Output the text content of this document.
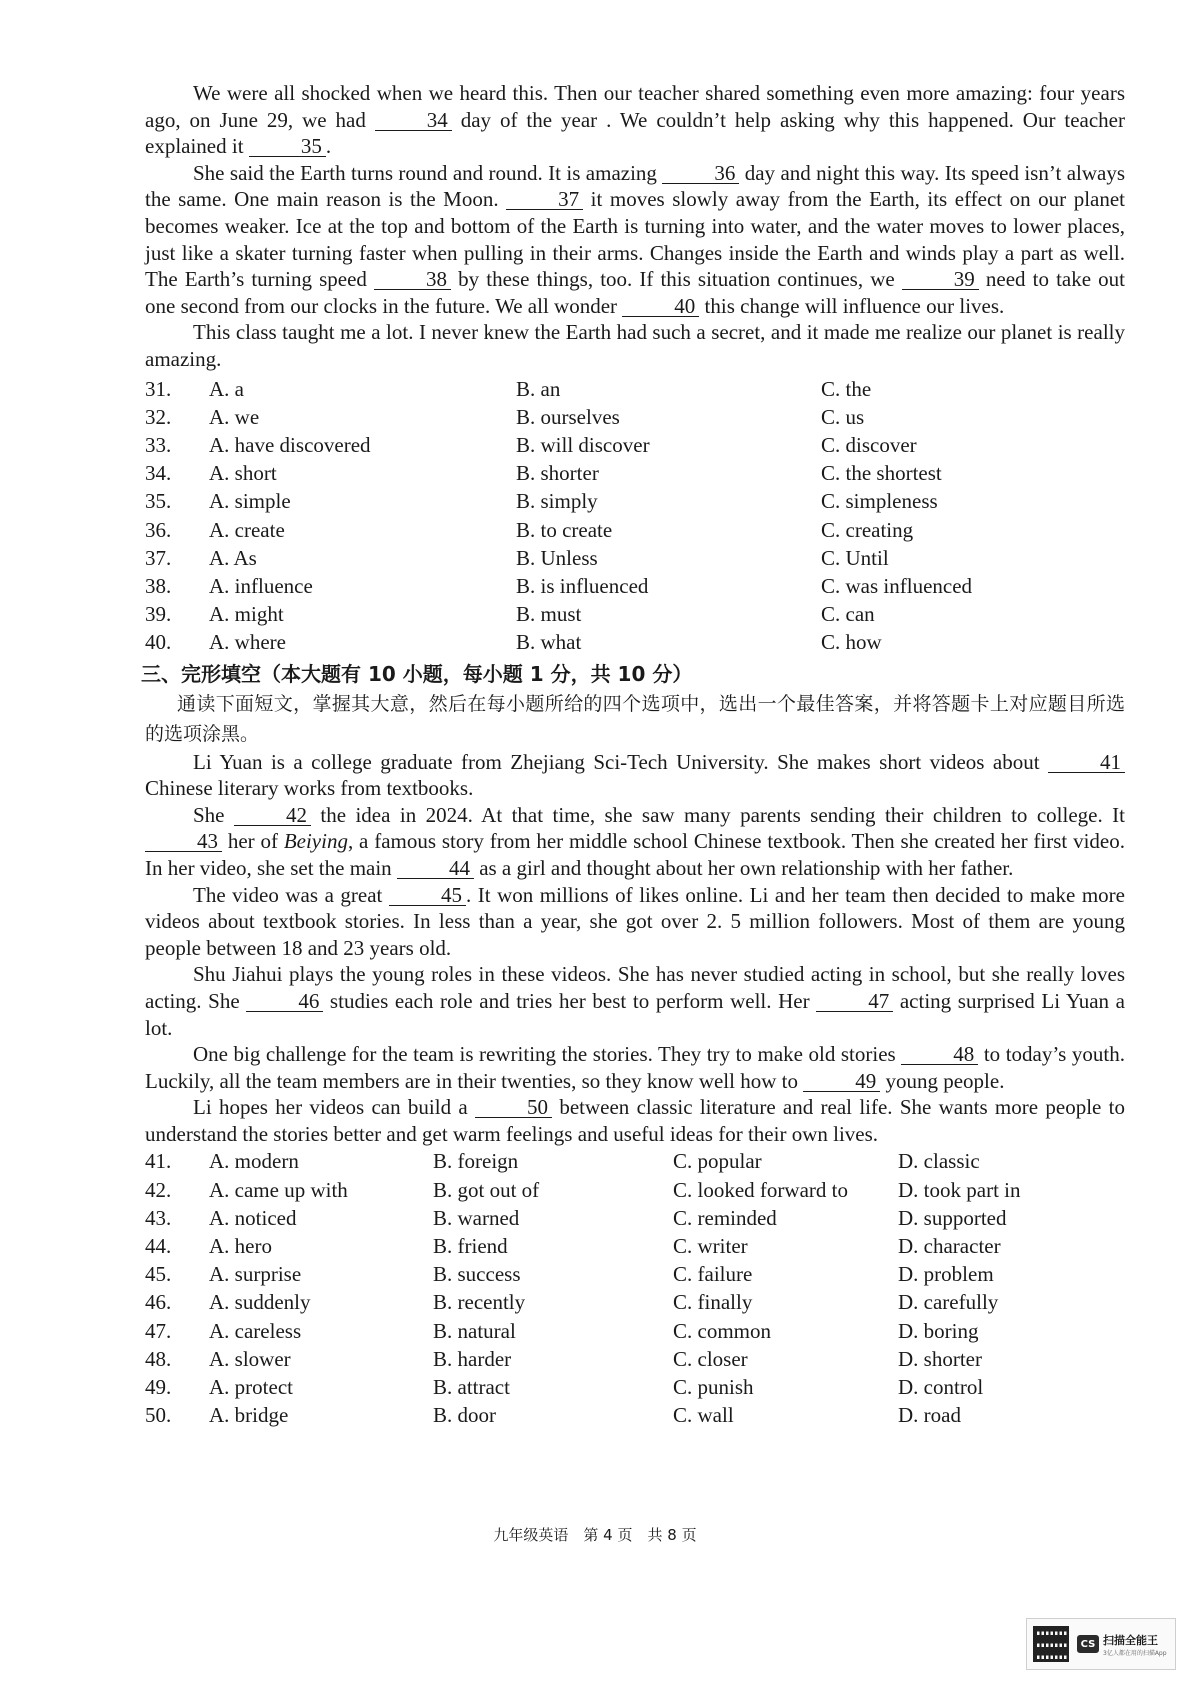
We were all shocked when we heard this. Then our teacher shared something even more amazing: four years ago, on June 29, we had 34 day of the year . We couldn’t help asking why this happened. Our teacher explained it 35 .

She said the Earth turns round and round. It is amazing 36 day and night this way. Its speed isn’t always the same. One main reason is the Moon. 37 it moves slowly away from the Earth, its effect on our planet becomes weaker. Ice at the top and bottom of the Earth is turning into water, and the water moves to lower places, just like a skater turning faster when pulling in their arms. Changes inside the Earth and winds play a part as well. The Earth’s turning speed 38 by these things, too. If this situation continues, we 39 need to take out one second from our clocks in the future. We all wonder 40 this change will influence our lives.

This class taught me a lot. I never knew the Earth had such a secret, and it made me realize our planet is really amazing.

31.	A. a	B. an	C. the
32.	A. we	B. ourselves	C. us
33.	A. have discovered	B. will discover	C. discover
34.	A. short	B. shorter	C. the shortest
35.	A. simple	B. simply	C. simpleness
36.	A. create	B. to create	C. creating
37.	A. As	B. Unless	C. Until
38.	A. influence	B. is influenced	C. was influenced
39.	A. might	B. must	C. can
40.	A. where	B. what	C. how
三、完形填空（本大题有 10 小题，每小题 1 分，共 10 分）

通读下面短文，掌握其大意，然后在每小题所给的四个选项中，选出一个最佳答案，并将答题卡上对应题目所选的选项涂黑。

Li Yuan is a college graduate from Zhejiang Sci-Tech University. She makes short videos about 41 Chinese literary works from textbooks.

She 42 the idea in 2024. At that time, she saw many parents sending their children to college. It 43 her of Beiying, a famous story from her middle school Chinese textbook. Then she created her first video. In her video, she set the main 44 as a girl and thought about her own relationship with her father.

The video was a great 45 . It won millions of likes online. Li and her team then decided to make more videos about textbook stories. In less than a year, she got over 2. 5 million followers. Most of them are young people between 18 and 23 years old.

Shu Jiahui plays the young roles in these videos. She has never studied acting in school, but she really loves acting. She 46 studies each role and tries her best to perform well. Her 47 acting surprised Li Yuan a lot.

One big challenge for the team is rewriting the stories. They try to make old stories 48 to today’s youth. Luckily, all the team members are in their twenties, so they know well how to 49 young people.

Li hopes her videos can build a 50 between classic literature and real life. She wants more people to understand the stories better and get warm feelings and useful ideas for their own lives.

41.	A. modern	B. foreign	C. popular	D. classic
42.	A. came up with	B. got out of	C. looked forward to	D. took part in
43.	A. noticed	B. warned	C. reminded	D. supported
44.	A. hero	B. friend	C. writer	D. character
45.	A. surprise	B. success	C. failure	D. problem
46.	A. suddenly	B. recently	C. finally	D. carefully
47.	A. careless	B. natural	C. common	D. boring
48.	A. slower	B. harder	C. closer	D. shorter
49.	A. protect	B. attract	C. punish	D. control
50.	A. bridge	B. door	C. wall	D. road
九年级英语　第 4 页　共 8 页
CS 扫描全能王
3亿人都在用的扫描App
